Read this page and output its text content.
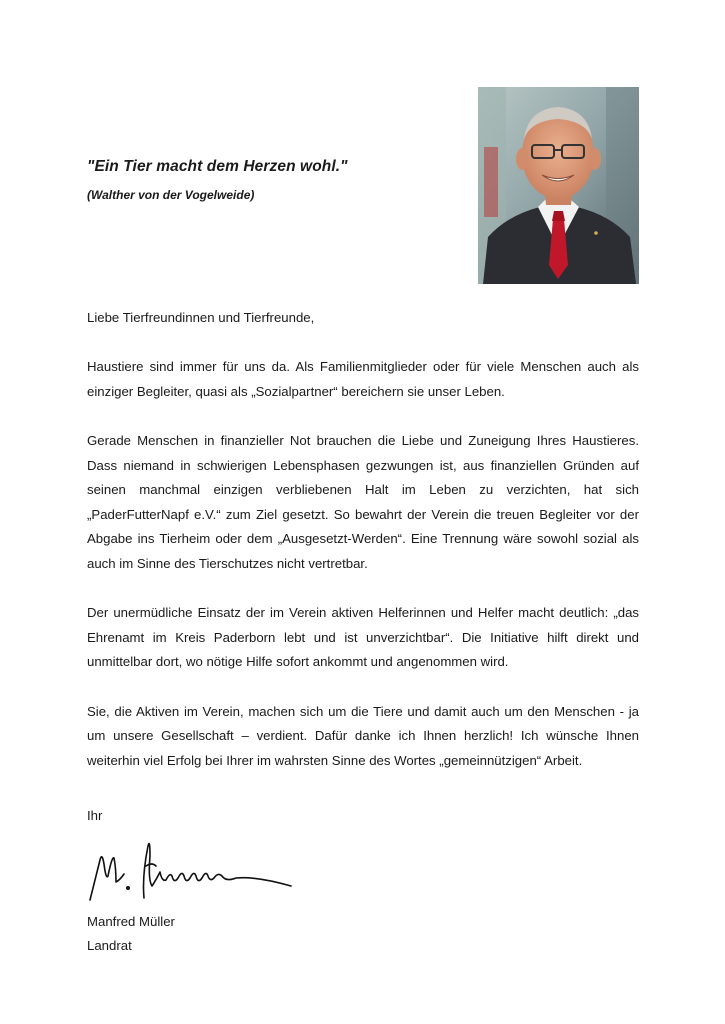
"Ein Tier macht dem Herzen wohl."
(Walther von der Vogelweide)

Liebe Tierfreundinnen und Tierfreunde,

Haustiere sind immer für uns da. Als Familienmitglieder oder für viele Menschen auch als einziger Begleiter, quasi als „Sozialpartner“ bereichern sie unser Leben.

Gerade Menschen in finanzieller Not brauchen die Liebe und Zuneigung Ihres Haustieres. Dass niemand in schwierigen Lebensphasen gezwungen ist, aus finanziellen Gründen auf seinen manchmal einzigen verbliebenen Halt im Leben zu verzichten, hat sich „PaderFutterNapf e.V.“ zum Ziel gesetzt. So bewahrt der Verein die treuen Begleiter vor der Abgabe ins Tierheim oder dem „Ausgesetzt-Werden“. Eine Trennung wäre sowohl sozial als auch im Sinne des Tierschutzes nicht vertretbar.

Der unermüdliche Einsatz der im Verein aktiven Helferinnen und Helfer macht deutlich: „das Ehrenamt im Kreis Paderborn lebt und ist unverzichtbar“. Die Initiative hilft direkt und unmittelbar dort, wo nötige Hilfe sofort ankommt und angenommen wird.

Sie, die Aktiven im Verein, machen sich um die Tiere und damit auch um den Menschen - ja um unsere Gesellschaft – verdient. Dafür danke ich Ihnen herzlich! Ich wünsche Ihnen weiterhin viel Erfolg bei Ihrer im wahrsten Sinne des Wortes „gemeinnützigen“ Arbeit.

Ihr
Manfred Müller
Landrat
